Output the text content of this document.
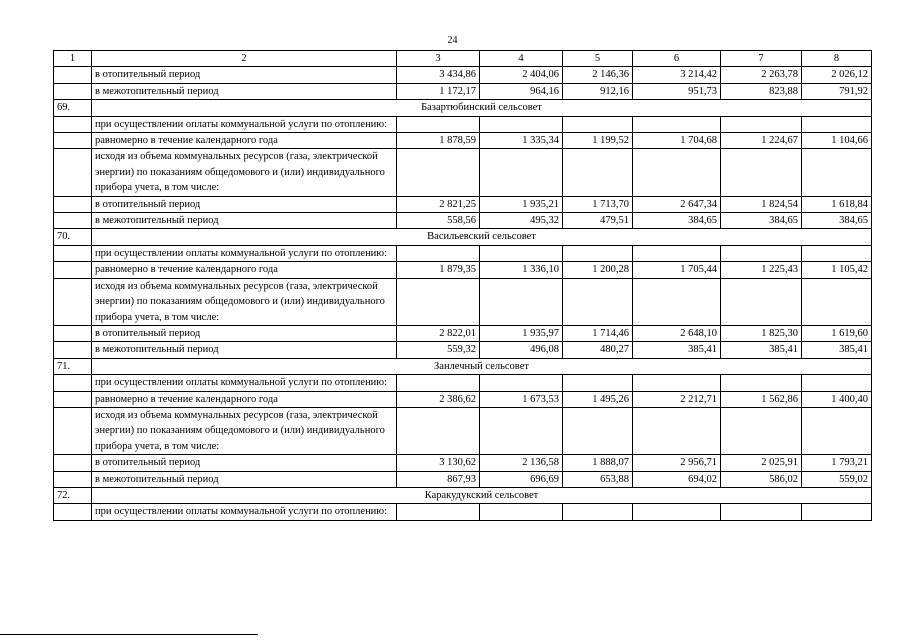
24
1	2	3	4	5	6	7	8
	в отопительный период	3 434,86	2 404,06	2 146,36	3 214,42	2 263,78	2 026,12
	в межотопительный период	1 172,17	964,16	912,16	951,73	823,88	791,92
69.	Базартюбинский сельсовет						
	при осуществлении оплаты коммунальной услуги по отоплению:						
	равномерно в течение календарного года	1 878,59	1 335,34	1 199,52	1 704,68	1 224,67	1 104,66
	исходя из объема коммунальных ресурсов (газа, электрической энергии) по показаниям общедомового и (или) индивидуального прибора учета, в том числе:						
	в отопительный период	2 821,25	1 935,21	1 713,70	2 647,34	1 824,54	1 618,84
	в межотопительный период	558,56	495,32	479,51	384,65	384,65	384,65
70.	Васильевский сельсовет						
	при осуществлении оплаты коммунальной услуги по отоплению:						
	равномерно в течение календарного года	1 879,35	1 336,10	1 200,28	1 705,44	1 225,43	1 105,42
	исходя из объема коммунальных ресурсов (газа, электрической энергии) по показаниям общедомового и (или) индивидуального прибора учета, в том числе:						
	в отопительный период	2 822,01	1 935,97	1 714,46	2 648,10	1 825,30	1 619,60
	в межотопительный период	559,32	496,08	480,27	385,41	385,41	385,41
71.	Занлечный сельсовет						
	при осуществлении оплаты коммунальной услуги по отоплению:						
	равномерно в течение календарного года	2 386,62	1 673,53	1 495,26	2 212,71	1 562,86	1 400,40
	исходя из объема коммунальных ресурсов (газа, электрической энергии) по показаниям общедомового и (или) индивидуального прибора учета, в том числе:						
	в отопительный период	3 130,62	2 136,58	1 888,07	2 956,71	2 025,91	1 793,21
	в межотопительный период	867,93	696,69	653,88	694,02	586,02	559,02
72.	Каракудукский сельсовет						
	при осуществлении оплаты коммунальной услуги по отоплению:						
